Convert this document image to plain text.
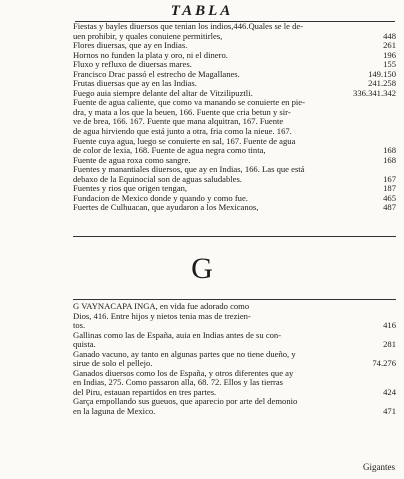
TABLA
Fiestas y bayles diuersos que tenian los indios,446.Quales se le de-
uen prohibir, y quales conuiene permitirles,	448
Flores diuersas, que ay en Indias.	261
Hornos no funden la plata y oro, ni el dinero.	196
Fluxo y refluxo de diuersas mares.	155
Francisco Drac passó el estrecho de Magallanes.	149.150
Frutas diuersas que ay en las Indias.	241.258
Fuego auia siempre delante del altar de Vitzilipuztli.	336.341.342
Fuente de agua caliente, que como va manando se conuierte en pie-
dra, y mata a los que la beuen, 166. Fuente que cria betun y sir-
ve de brea, 166. 167. Fuente que mana alquitran, 167. Fuente
de agua hirviendo que está junto a otra, fria como la nieue. 167.
Fuente cuya agua, luego se conuierte en sal, 167. Fuente de agua
de color de lexia, 168. Fuente de agua negra como tinta,	168
Fuente de agua roxa como sangre.	168
Fuentes y manantiales diuersos, que ay en Indias, 166. Las que está
debaxo de la Equinocial son de aguas saludables.	167
Fuentes y rios que origen tengan,	187
Fundacion de Mexico donde y quando y como fue.	465
Fuertes de Culhuacan, que ayudaron a los Mexicanos,	487
G
G VAYNACAPA INGA, en vida fue adorado como
Dios, 416. Entre hijos y nietos tenia mas de trezien-
tos.	416
Gallinas como las de España, auia en Indias antes de su con-
quista.	281
Ganado vacuno, ay tanto en algunas partes que no tiene dueño, y
sirue de solo el pellejo.	74.276
Ganados diuersos como los de España, y otros diferentes que ay
en Indias, 275. Como passaron alla, 68. 72. Ellos y las tierras
del Piru, estauan repartidos en tres partes.	424
Garça empollando sus gueuos, que aparecio por arte del demonio
en la laguna de Mexico.	471
Gigantes
